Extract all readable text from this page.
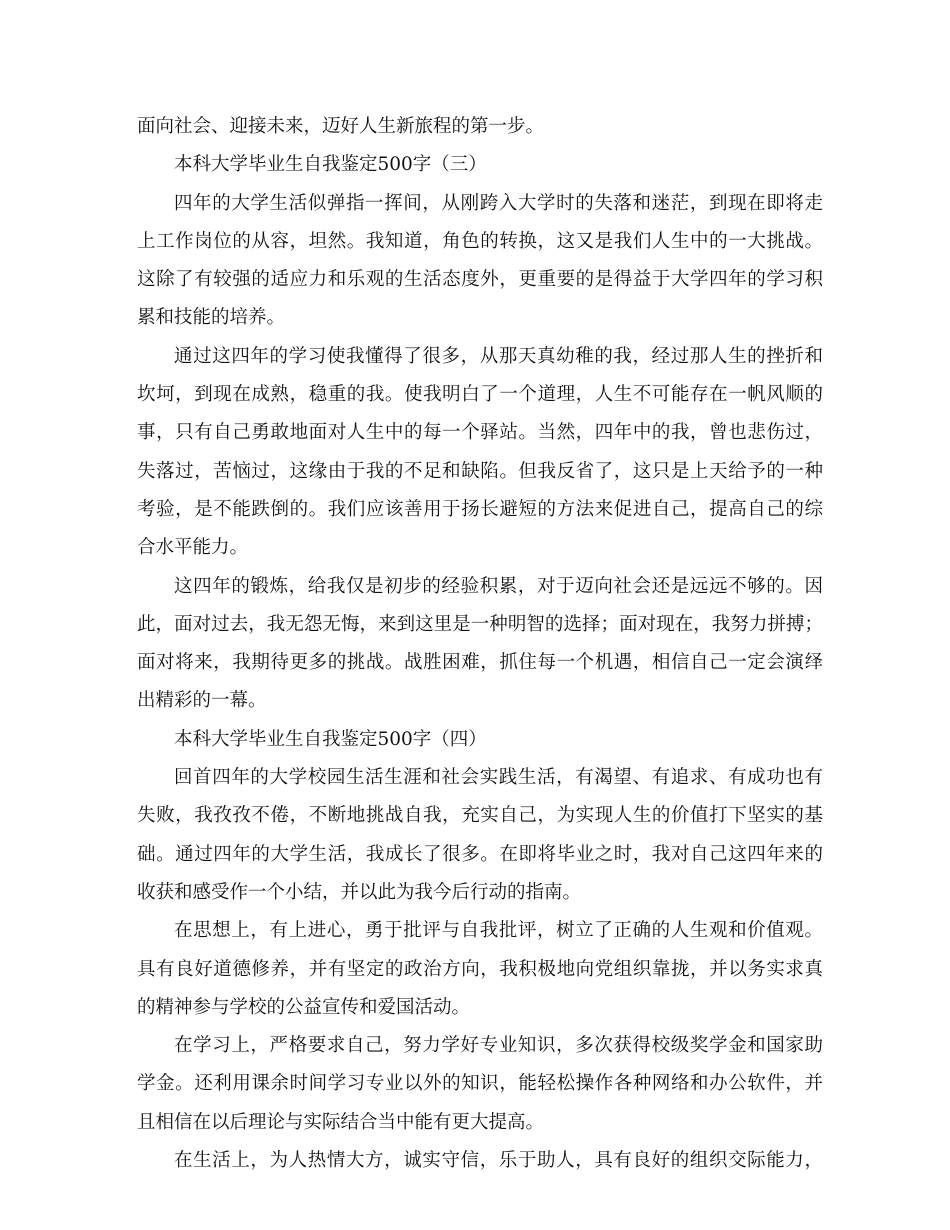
面向社会、迎接未来，迈好人生新旅程的第一步。
本科大学毕业生自我鉴定500字（三）
四年的大学生活似弹指一挥间，从刚跨入大学时的失落和迷茫，到现在即将走
上工作岗位的从容，坦然。我知道，角色的转换，这又是我们人生中的一大挑战。
这除了有较强的适应力和乐观的生活态度外，更重要的是得益于大学四年的学习积
累和技能的培养。
通过这四年的学习使我懂得了很多，从那天真幼稚的我，经过那人生的挫折和
坎坷，到现在成熟，稳重的我。使我明白了一个道理，人生不可能存在一帆风顺的
事，只有自己勇敢地面对人生中的每一个驿站。当然，四年中的我，曾也悲伤过，
失落过，苦恼过，这缘由于我的不足和缺陷。但我反省了，这只是上天给予的一种
考验，是不能跌倒的。我们应该善用于扬长避短的方法来促进自己，提高自己的综
合水平能力。
这四年的锻炼，给我仅是初步的经验积累，对于迈向社会还是远远不够的。因
此，面对过去，我无怨无悔，来到这里是一种明智的选择；面对现在，我努力拼搏；
面对将来，我期待更多的挑战。战胜困难，抓住每一个机遇，相信自己一定会演绎
出精彩的一幕。
本科大学毕业生自我鉴定500字（四）
回首四年的大学校园生活生涯和社会实践生活，有渴望、有追求、有成功也有
失败，我孜孜不倦，不断地挑战自我，充实自己，为实现人生的价值打下坚实的基
础。通过四年的大学生活，我成长了很多。在即将毕业之时，我对自己这四年来的
收获和感受作一个小结，并以此为我今后行动的指南。
在思想上，有上进心，勇于批评与自我批评，树立了正确的人生观和价值观。
具有良好道德修养，并有坚定的政治方向，我积极地向党组织靠拢，并以务实求真
的精神参与学校的公益宣传和爱国活动。
在学习上，严格要求自己，努力学好专业知识，多次获得校级奖学金和国家助
学金。还利用课余时间学习专业以外的知识，能轻松操作各种网络和办公软件，并
且相信在以后理论与实际结合当中能有更大提高。
在生活上，为人热情大方，诚实守信，乐于助人，具有良好的组织交际能力，
